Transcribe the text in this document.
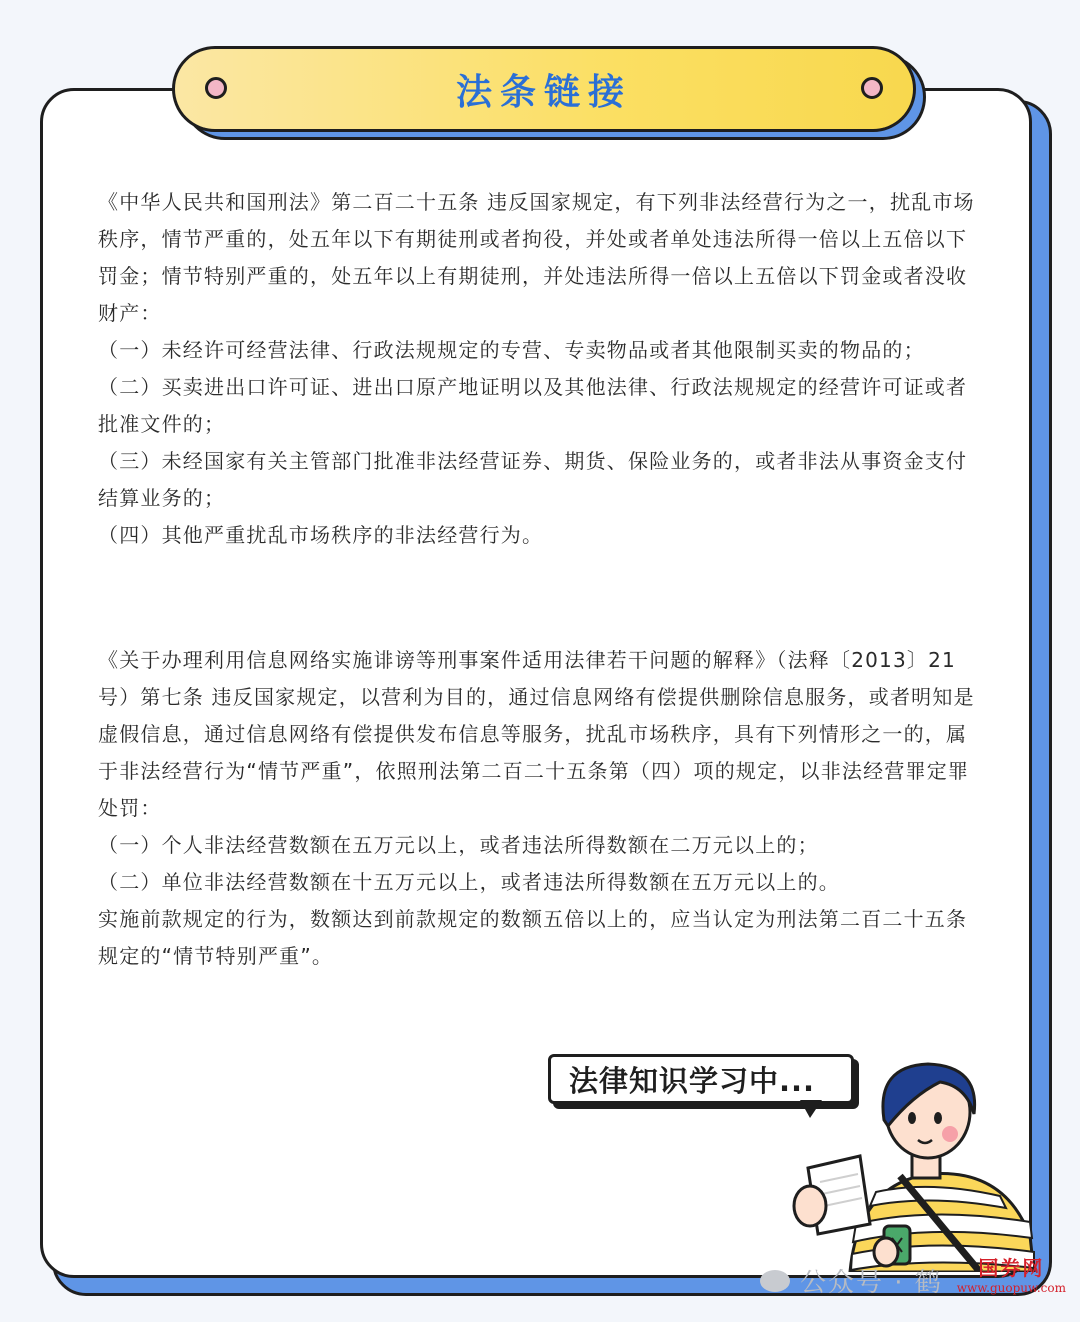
法条链接

《中华人民共和国刑法》第二百二十五条 违反国家规定，有下列非法经营行为之一，扰乱市场秩序，情节严重的，处五年以下有期徒刑或者拘役，并处或者单处违法所得一倍以上五倍以下罚金；情节特别严重的，处五年以上有期徒刑，并处违法所得一倍以上五倍以下罚金或者没收财产：

（一）未经许可经营法律、行政法规规定的专营、专卖物品或者其他限制买卖的物品的；

（二）买卖进出口许可证、进出口原产地证明以及其他法律、行政法规规定的经营许可证或者批准文件的；

（三）未经国家有关主管部门批准非法经营证券、期货、保险业务的，或者非法从事资金支付结算业务的；

（四）其他严重扰乱市场秩序的非法经营行为。

《关于办理利用信息网络实施诽谤等刑事案件适用法律若干问题的解释》（法释〔2013〕21号）第七条 违反国家规定，以营利为目的，通过信息网络有偿提供删除信息服务，或者明知是虚假信息，通过信息网络有偿提供发布信息等服务，扰乱市场秩序，具有下列情形之一的，属于非法经营行为“情节严重”，依照刑法第二百二十五条第（四）项的规定，以非法经营罪定罪处罚：

（一）个人非法经营数额在五万元以上，或者违法所得数额在二万元以上的；

（二）单位非法经营数额在十五万元以上，或者违法所得数额在五万元以上的。

实施前款规定的行为，数额达到前款规定的数额五倍以上的，应当认定为刑法第二百二十五条规定的“情节特别严重”。

法律知识学习中...
公众号 · 鹤	国券网
www.guopuw.com
